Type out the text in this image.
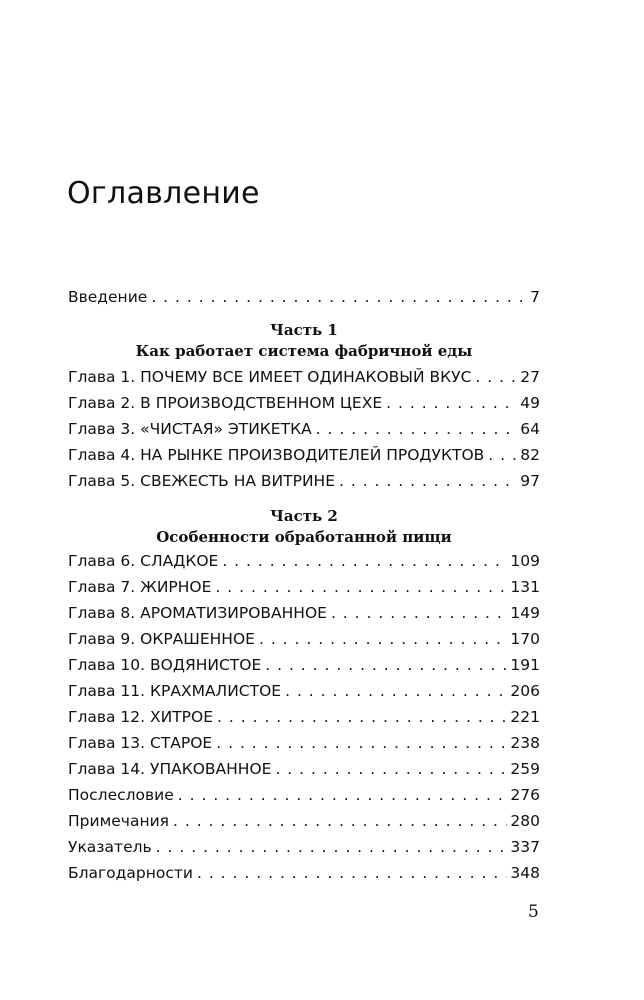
Оглавление
Введение . . .	7
Часть 1
Как работает система фабричной еды
Глава 1. ПОЧЕМУ ВСЕ ИМЕЕТ ОДИНАКОВЫЙ ВКУС . . .	27
Глава 2. В ПРОИЗВОДСТВЕННОМ ЦЕХЕ . . .	49
Глава 3. «ЧИСТАЯ» ЭТИКЕТКА . . .	64
Глава 4. НА РЫНКЕ ПРОИЗВОДИТЕЛЕЙ ПРОДУКТОВ . . . 82
Глава 5. СВЕЖЕСТЬ НА ВИТРИНЕ . . .	97
Часть 2
Особенности обработанной пищи
Глава 6. СЛАДКОЕ . . .	109
Глава 7. ЖИРНОЕ . . .	131
Глава 8. АРОМАТИЗИРОВАННОЕ . . .	149
Глава 9. ОКРАШЕННОЕ . . .	170
Глава 10. ВОДЯНИСТОЕ . . .	191
Глава 11. КРАХМАЛИСТОЕ . . .	206
Глава 12. ХИТРОЕ . . .	221
Глава 13. СТАРОЕ . . .	238
Глава 14. УПАКОВАННОЕ . . .	259
Послесловие . . .	276
Примечания . . .	280
Указатель . . .	337
Благодарности . . .	348
5
